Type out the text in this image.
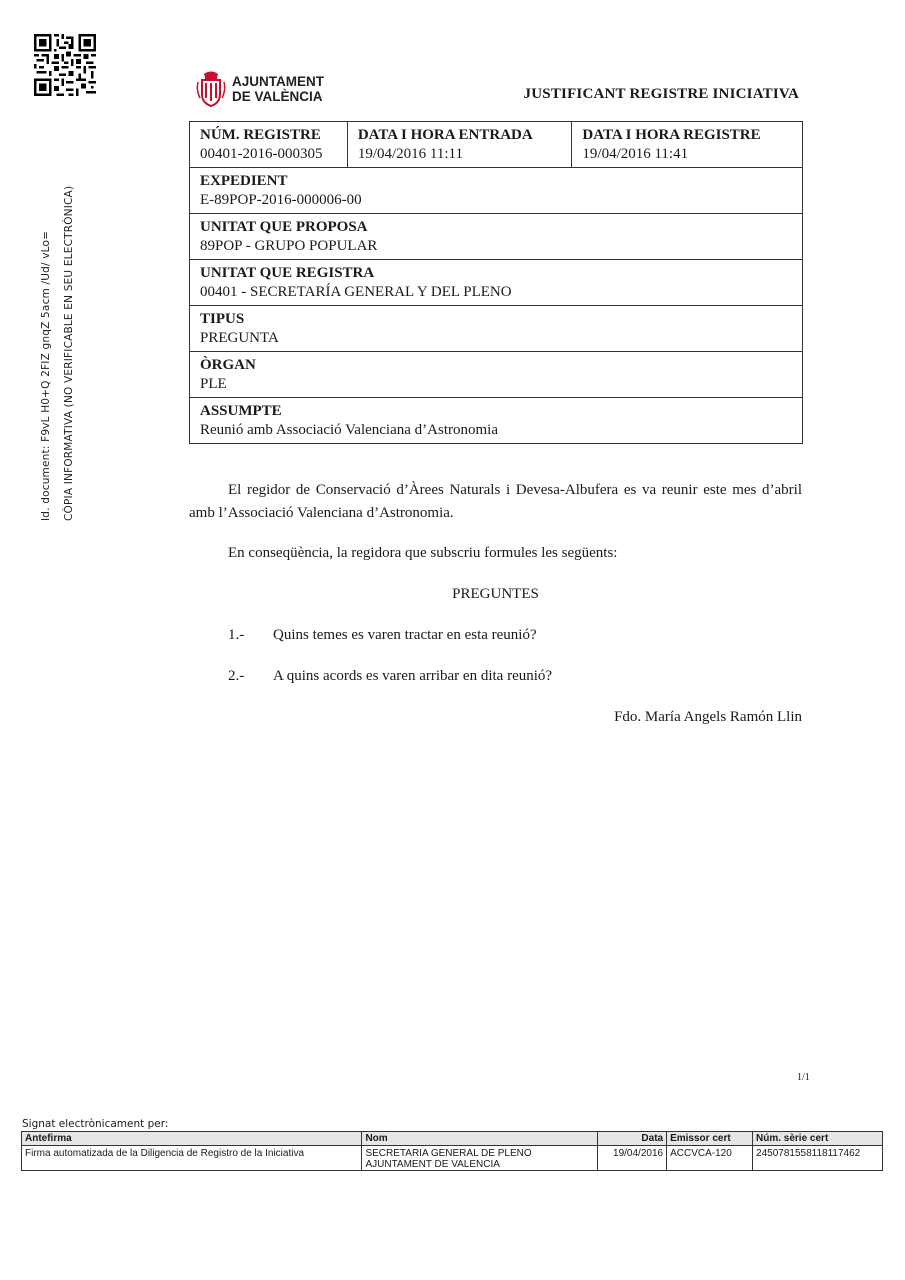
Id. document: F9vL H0+Q 2FIZ gnqZ 5acm /Ud/ vLo= CÒPIA INFORMATIVA (NO VERIFICABLE EN SEU ELECTRÒNICA)
AJUNTAMENT
DE VALÈNCIA	JUSTIFICANT REGISTRE INICIATIVA
NÚM. REGISTRE
00401-2016-000305

DATA I HORA ENTRADA
19/04/2016 11:11

DATA I HORA REGISTRE
19/04/2016 11:41

EXPEDIENT
E-89POP-2016-000006-00

UNITAT QUE PROPOSA
89POP - GRUPO POPULAR

UNITAT QUE REGISTRA
00401 - SECRETARÍA GENERAL Y DEL PLENO

TIPUS
PREGUNTA

ÒRGAN
PLE

ASSUMPTE
Reunió amb Associació Valenciana d’Astronomia

El regidor de Conservació d’Àrees Naturals i Devesa-Albufera es va reunir este mes d’abril amb l’Associació Valenciana d’Astronomia.

En conseqüència, la regidora que subscriu formules les següents:

PREGUNTES

1.-	Quins temes es varen tractar en esta reunió?
2.-	A quins acords es varen arribar en dita reunió?

Fdo. María Angels Ramón Llin

1/1
Signat electrònicament per:
Antefirma	Nom	Data	Emissor cert	Núm. sèrie cert
Firma automatizada de la Diligencia de Registro de la Iniciativa	SECRETARIA GENERAL DE PLENO
AJUNTAMENT DE VALENCIA	19/04/2016	ACCVCA-120	2450781558118117462
